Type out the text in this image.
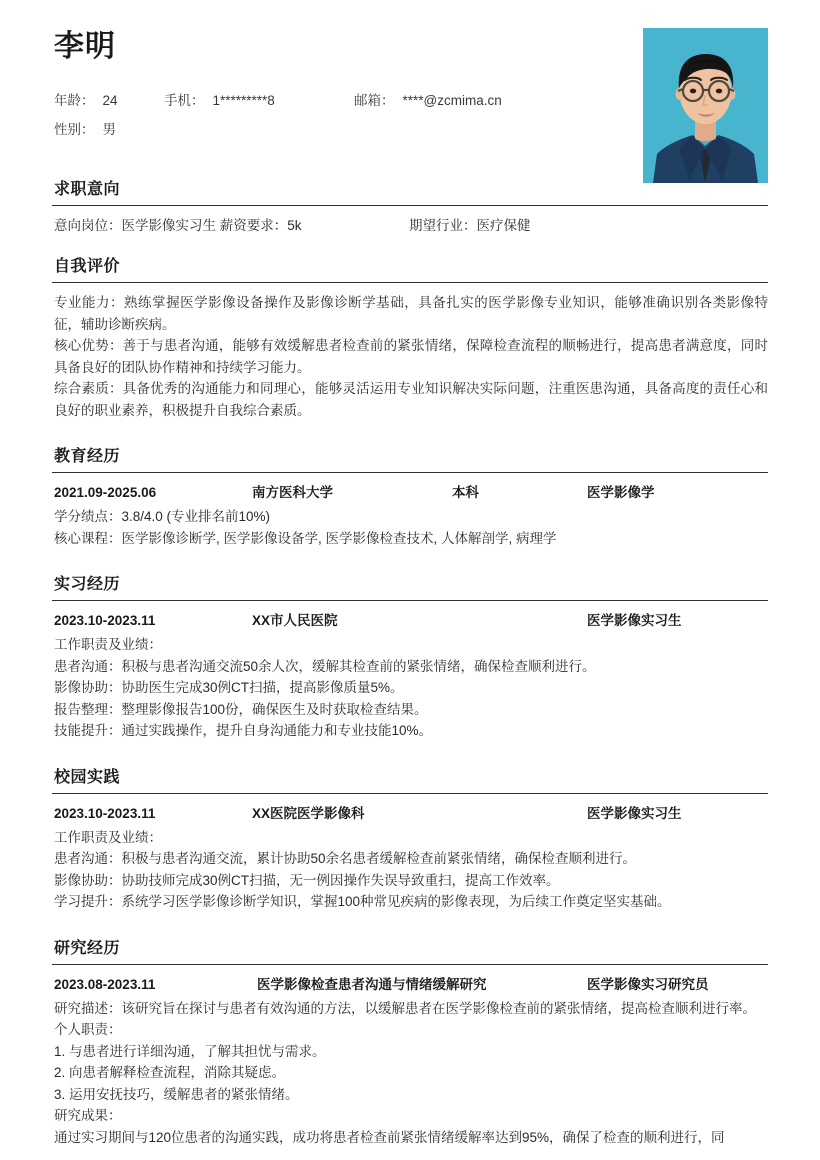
李明
年龄： 24	手机： 1*********8	邮箱： ****@zcmima.cn
性别： 男
求职意向
意向岗位：医学影像实习生 薪资要求：5k	期望行业：医疗保健
自我评价

专业能力：熟练掌握医学影像设备操作及影像诊断学基础，具备扎实的医学影像专业知识，能够准确识别各类影像特征，辅助诊断疾病。

核心优势：善于与患者沟通，能够有效缓解患者检查前的紧张情绪，保障检查流程的顺畅进行，提高患者满意度，同时具备良好的团队协作精神和持续学习能力。

综合素质：具备优秀的沟通能力和同理心，能够灵活运用专业知识解决实际问题，注重医患沟通，具备高度的责任心和良好的职业素养，积极提升自我综合素质。

教育经历
2021.09-2025.06	南方医科大学	本科	医学影像学
学分绩点：3.8/4.0 (专业排名前10%)
核心课程：医学影像诊断学, 医学影像设备学, 医学影像检查技术, 人体解剖学, 病理学
实习经历
2023.10-2023.11	XX市人民医院	医学影像实习生
工作职责及业绩：
患者沟通：积极与患者沟通交流50余人次，缓解其检查前的紧张情绪，确保检查顺利进行。
影像协助：协助医生完成30例CT扫描，提高影像质量5%。
报告整理：整理影像报告100份，确保医生及时获取检查结果。
技能提升：通过实践操作，提升自身沟通能力和专业技能10%。
校园实践
2023.10-2023.11	XX医院医学影像科	医学影像实习生
工作职责及业绩：
患者沟通：积极与患者沟通交流，累计协助50余名患者缓解检查前紧张情绪，确保检查顺利进行。
影像协助：协助技师完成30例CT扫描，无一例因操作失误导致重扫，提高工作效率。
学习提升：系统学习医学影像诊断学知识，掌握100种常见疾病的影像表现，为后续工作奠定坚实基础。
研究经历
2023.08-2023.11	医学影像检查患者沟通与情绪缓解研究	医学影像实习研究员

研究描述：该研究旨在探讨与患者有效沟通的方法，以缓解患者在医学影像检查前的紧张情绪，提高检查顺利进行率。

个人职责：
1. 与患者进行详细沟通，了解其担忧与需求。
2. 向患者解释检查流程，消除其疑虑。
3. 运用安抚技巧，缓解患者的紧张情绪。
研究成果：
通过实习期间与120位患者的沟通实践，成功将患者检查前紧张情绪缓解率达到95%，确保了检查的顺利进行，同
